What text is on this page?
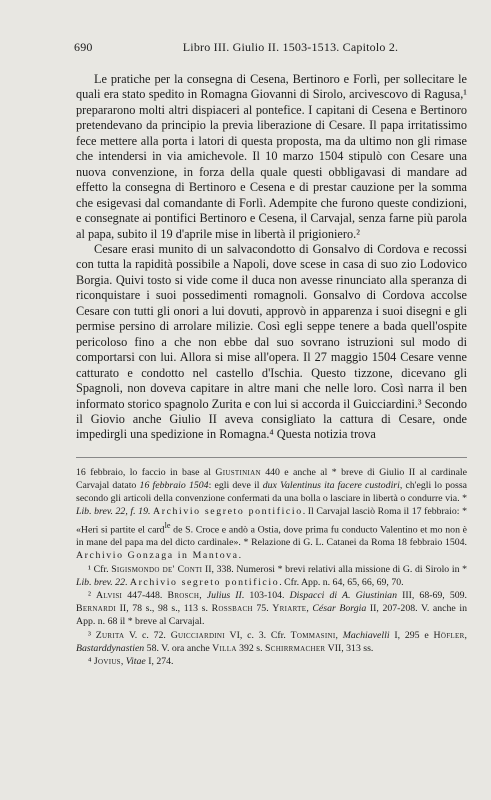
690	Libro III. Giulio II. 1503-1513. Capitolo 2.

Le pratiche per la consegna di Cesena, Bertinoro e Forlì, per sollecitare le quali era stato spedito in Romagna Giovanni di Sirolo, arcivescovo di Ragusa,¹ prepararono molti altri dispiaceri al pontefice. I capitani di Cesena e Bertinoro pretendevano da principio la previa liberazione di Cesare. Il papa irritatissimo fece mettere alla porta i latori di questa proposta, ma da ultimo non gli rimase che intendersi in via amichevole. Il 10 marzo 1504 stipulò con Cesare una nuova convenzione, in forza della quale questi obbligavasi di mandare ad effetto la consegna di Bertinoro e Cesena e di prestar cauzione per la somma che esigevasi dal comandante di Forlì. Adempite che furono queste condizioni, e consegnate ai pontifici Bertinoro e Cesena, il Carvajal, senza farne più parola al papa, subito il 19 d'aprile mise in libertà il prigioniero.²

Cesare erasi munito di un salvacondotto di Gonsalvo di Cordova e recossi con tutta la rapidità possibile a Napoli, dove scese in casa di suo zio Lodovico Borgia. Quivi tosto si vide come il duca non avesse rinunciato alla speranza di riconquistare i suoi possedimenti romagnoli. Gonsalvo di Cordova accolse Cesare con tutti gli onori a lui dovuti, approvò in apparenza i suoi disegni e gli permise persino di arrolare milizie. Così egli seppe tenere a bada quell'ospite pericoloso fino a che non ebbe dal suo sovrano istruzioni sul modo di comportarsi con lui. Allora si mise all'opera. Il 27 maggio 1504 Cesare venne catturato e condotto nel castello d'Ischia. Questo tizzone, dicevano gli Spagnoli, non doveva capitare in altre mani che nelle loro. Così narra il ben informato storico spagnolo Zurita e con lui si accorda il Guicciardini.³ Secondo il Giovio anche Giulio II aveva consigliato la cattura di Cesare, onde impedirgli una spedizione in Romagna.⁴ Questa notizia trova

16 febbraio, lo faccio in base al Giustinian 440 e anche al * breve di Giulio II al cardinale Carvajal datato 16 febbraio 1504: egli deve il dux Valentinus ita facere custodiri, ch'egli lo possa secondo gli articoli della convenzione confermati da una bolla o lasciare in libertà o condurre via. * Lib. brev. 22, f. 19. Archivio segreto pontificio. Il Carvajal lasciò Roma il 17 febbraio: * «Heri si partite el card$^{le}$ de S. Croce e andò a Ostia, dove prima fu conducto Valentino et mo non è in mane del papa ma del dicto cardinale». * Relazione di G. L. Catanei da Roma 18 febbraio 1504. Archivio Gonzaga in Mantova.

¹ Cfr. Sigismondo de' Conti II, 338. Numerosi * brevi relativi alla missione di G. di Sirolo in * Lib. brev. 22. Archivio segreto pontificio. Cfr. App. n. 64, 65, 66, 69, 70.

² Alvisi 447-448. Brosch, Julius II. 103-104. Dispacci di A. Giustinian III, 68-69, 509. Bernardi II, 78 s., 98 s., 113 s. Rossbach 75. Yriarte, César Borgia II, 207-208. V. anche in App. n. 68 il * breve al Carvajal.

³ Zurita V. c. 72. Guicciardini VI, c. 3. Cfr. Tommasini, Machiavelli I, 295 e Höfler, Bastarddynastien 58. V. ora anche Villa 392 s. Schirrmacher VII, 313 ss.

⁴ Jovius, Vitae I, 274.
